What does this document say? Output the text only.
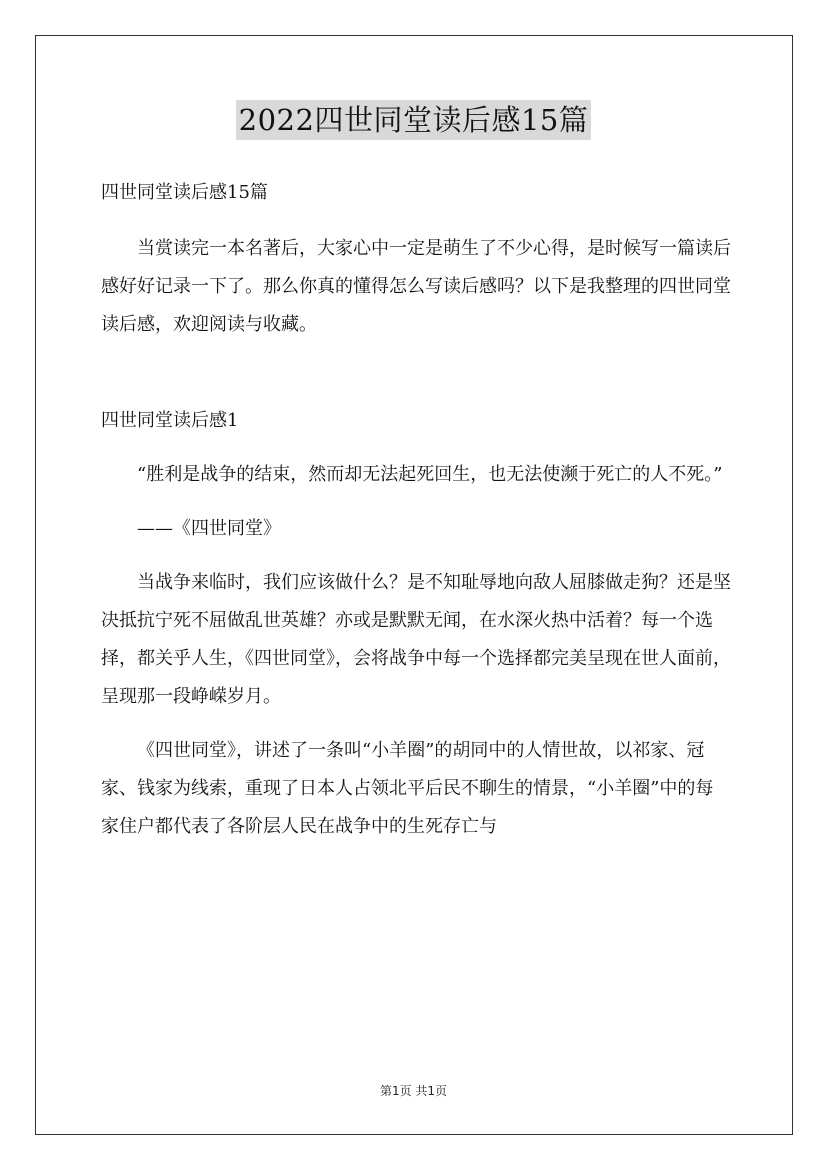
2022四世同堂读后感15篇

四世同堂读后感15篇

当赏读完一本名著后，大家心中一定是萌生了不少心得，是时候写一篇读后感好好记录一下了。那么你真的懂得怎么写读后感吗？以下是我整理的四世同堂读后感，欢迎阅读与收藏。

四世同堂读后感1

“胜利是战争的结束，然而却无法起死回生，也无法使濒于死亡的人不死。”

——《四世同堂》

当战争来临时，我们应该做什么？是不知耻辱地向敌人屈膝做走狗？还是坚决抵抗宁死不屈做乱世英雄？亦或是默默无闻，在水深火热中活着？每一个选择，都关乎人生，《四世同堂》，会将战争中每一个选择都完美呈现在世人面前，呈现那一段峥嵘岁月。

《四世同堂》，讲述了一条叫“小羊圈”的胡同中的人情世故，以祁家、冠家、钱家为线索，重现了日本人占领北平后民不聊生的情景，“小羊圈”中的每家住户都代表了各阶层人民在战争中的生死存亡与

第1页 共1页
